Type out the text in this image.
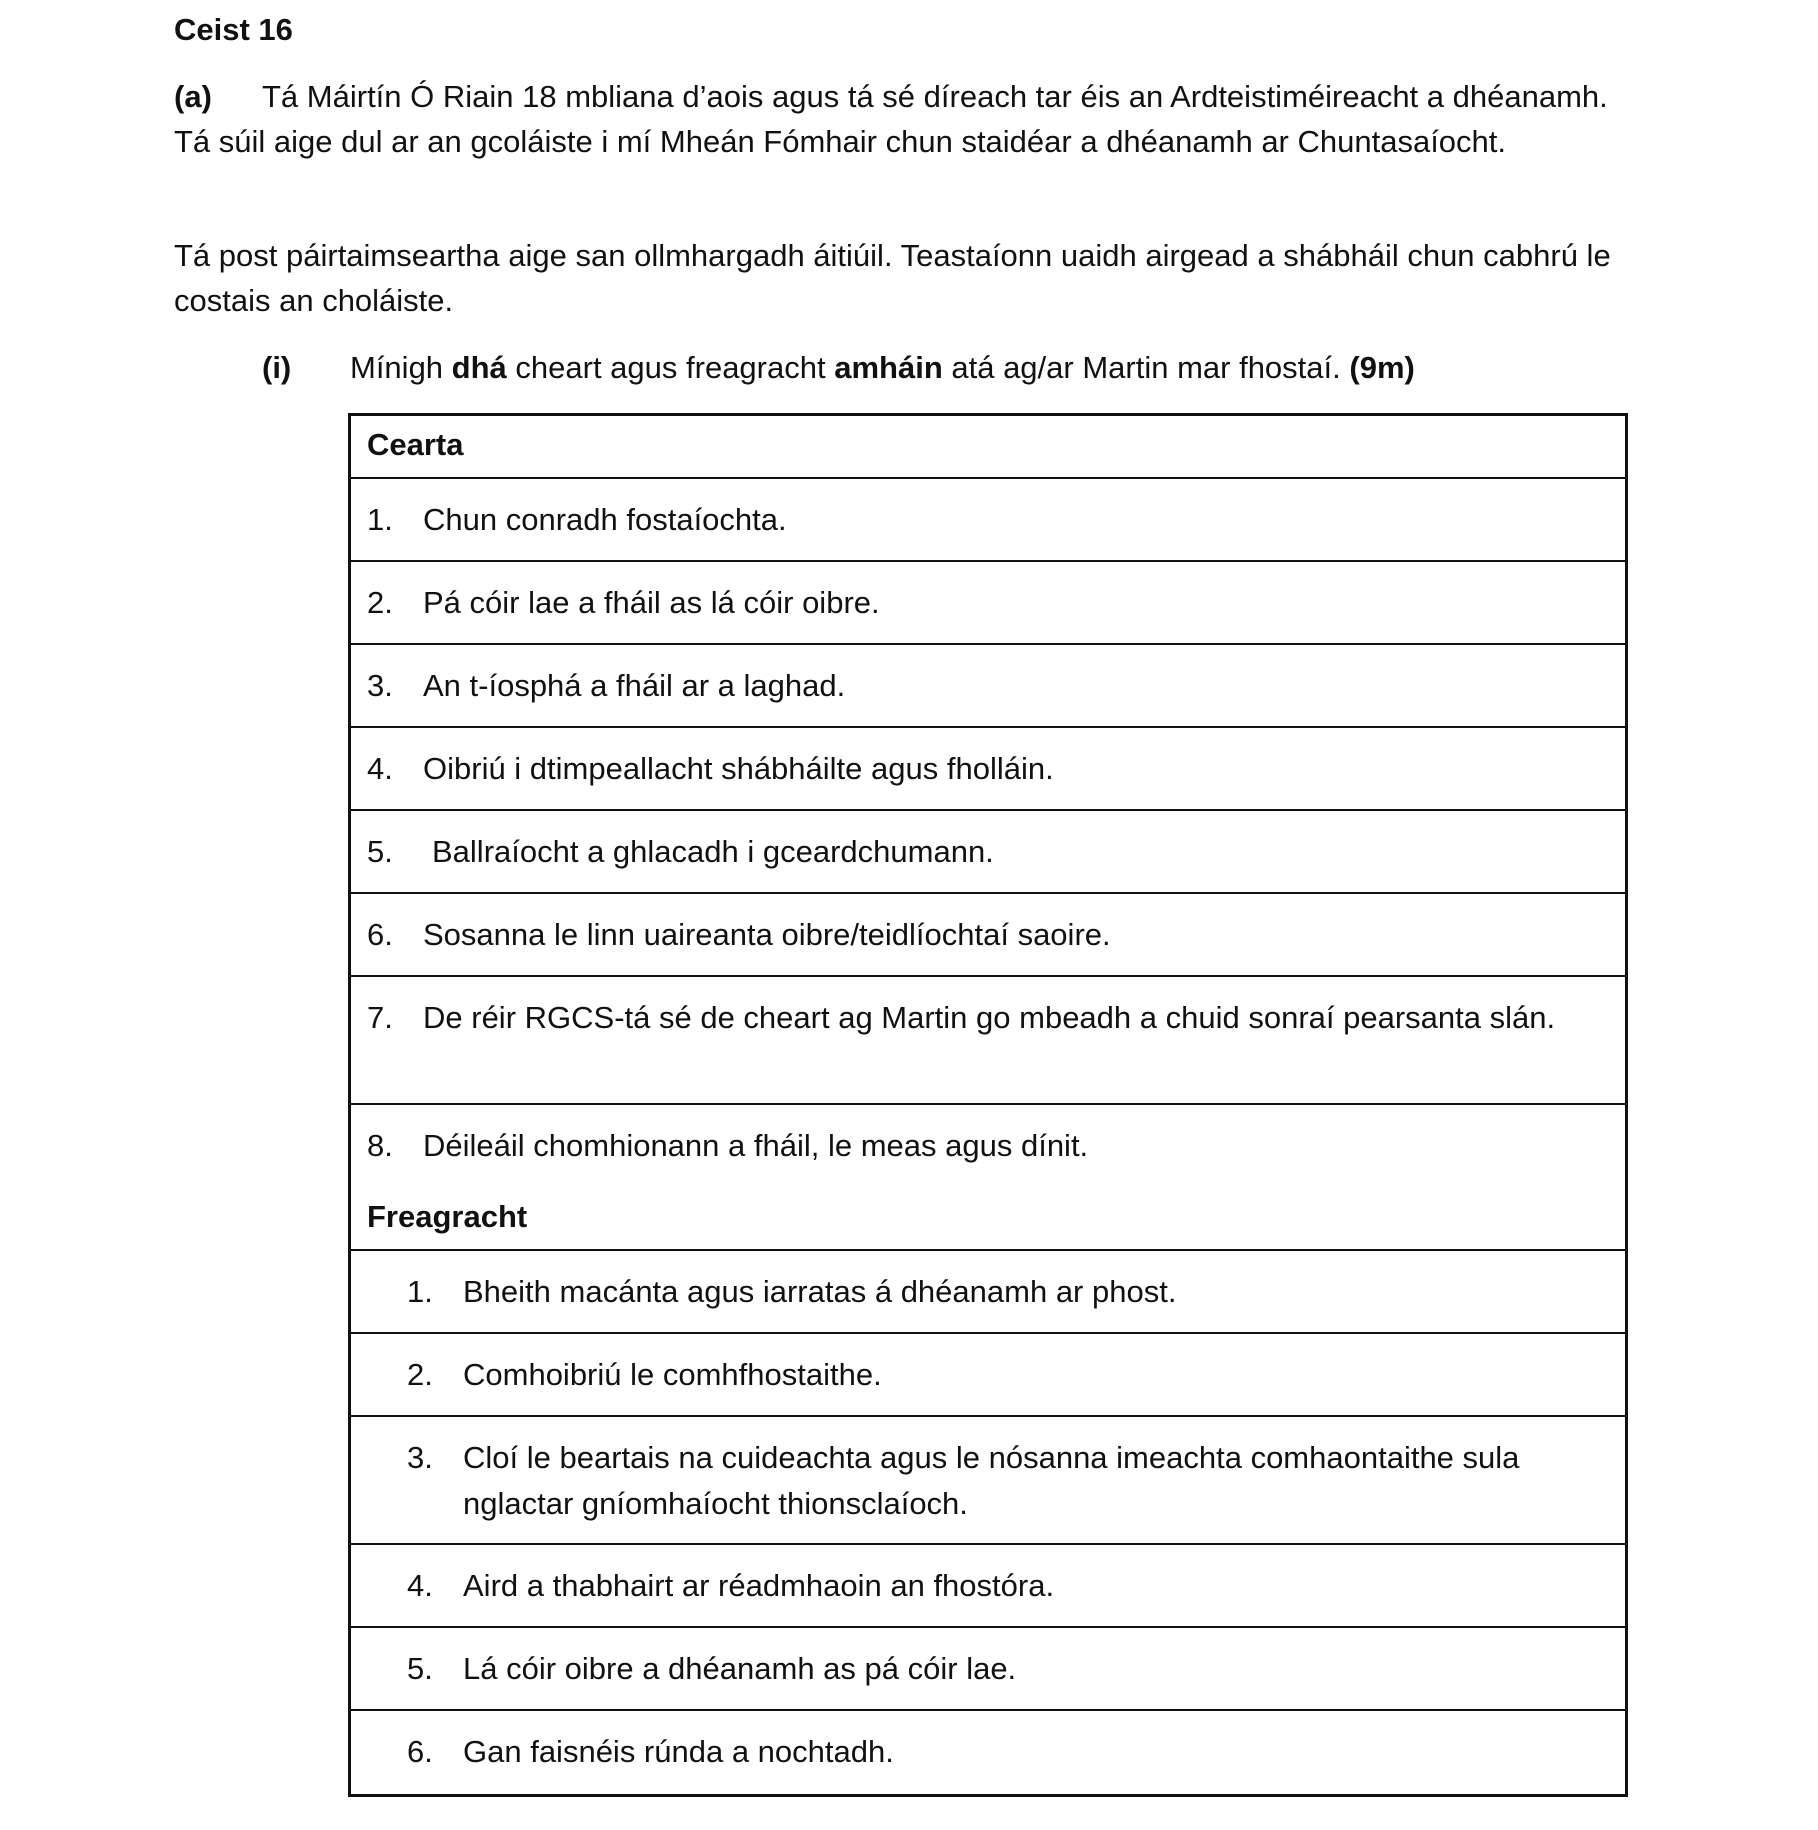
Ceist 16
(a) Tá Máirtín Ó Riain 18 mbliana d’aois agus tá sé díreach tar éis an Ardteistiméireacht a dhéanamh. Tá súil aige dul ar an gcoláiste i mí Mheán Fómhair chun staidéar a dhéanamh ar Chuntasaíocht.
Tá post páirtaimseartha aige san ollmhargadh áitiúil. Teastaíonn uaidh airgead a shábháil chun cabhrú le costais an choláiste.
(i) Mínigh dhá cheart agus freagracht amháin atá ag/ar Martin mar fhostaí. (9m)
Cearta
1. Chun conradh fostaíochta.
2. Pá cóir lae a fháil as lá cóir oibre.
3. An t-íosphá a fháil ar a laghad.
4. Oibriú i dtimpeallacht shábháilte agus fholláin.
5.	Ballraíocht a ghlacadh i gceardchumann.
6. Sosanna le linn uaireanta oibre/teidlíochtaí saoire.
7. De réir RGCS-tá sé de cheart ag Martin go mbeadh a chuid sonraí pearsanta slán.
8. Déileáil chomhionann a fháil, le meas agus dínit.
Freagracht
1. Bheith macánta agus iarratas á dhéanamh ar phost.
2. Comhoibriú le comhfhostaithe.
3. Cloí le beartais na cuideachta agus le nósanna imeachta comhaontaithe sula nglactar gníomhaíocht thionsclaíoch.
4. Aird a thabhairt ar réadmhaoin an fhostóra.
5. Lá cóir oibre a dhéanamh as pá cóir lae.
6. Gan faisnéis rúnda a nochtadh.
